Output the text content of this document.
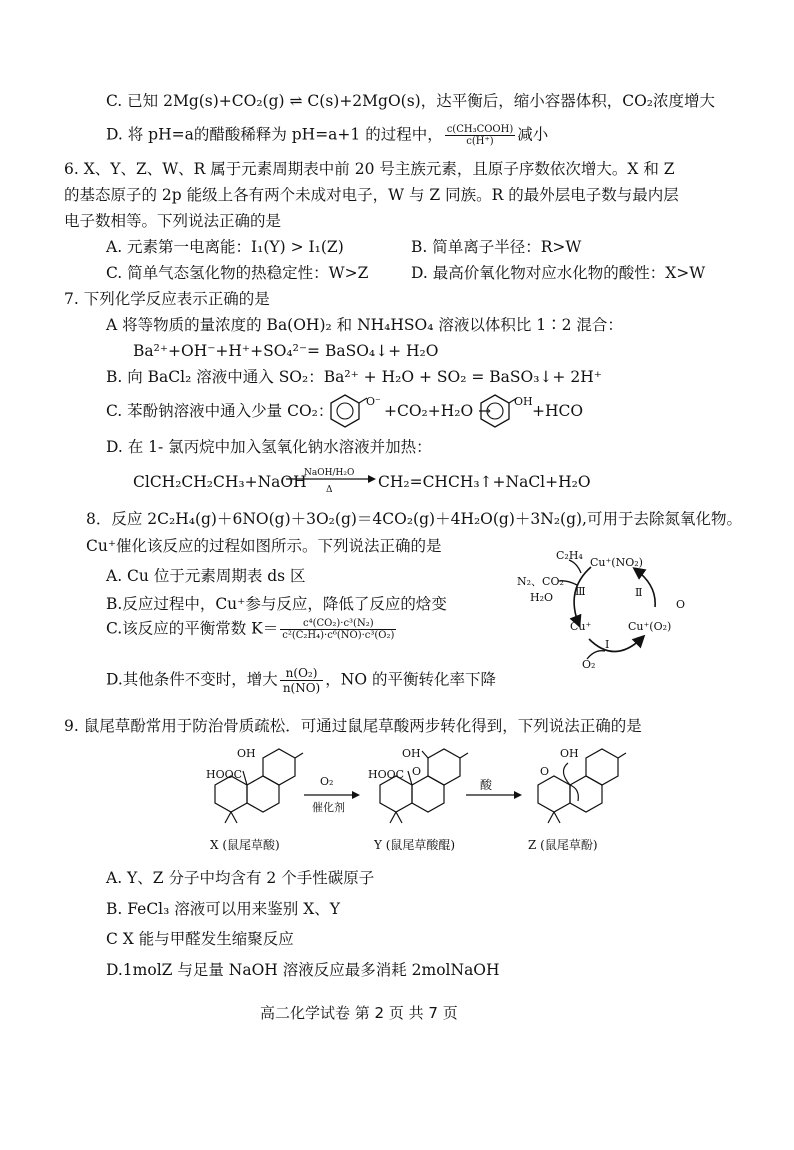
C. 已知 2Mg(s)+CO₂(g) ⇌ C(s)+2MgO(s)，达平衡后，缩小容器体积，CO₂浓度增大
D. 将 pH=a的醋酸稀释为 pH=a+1 的过程中， $\frac{\text{c(CH₃COOH)}}{c(H^+)}$ 减小
6. X、Y、Z、W、R 属于元素周期表中前 20 号主族元素，且原子序数依次增大。X 和 Z
的基态原子的 2p 能级上各有两个未成对电子，W 与 Z 同族。R 的最外层电子数与最内层
电子数相等。下列说法正确的是
A. 元素第一电离能：I₁(Y) > I₁(Z)	B. 简单离子半径：R>W
C. 简单气态氢化物的热稳定性：W>Z	D. 最高价氧化物对应水化物的酸性：X>W
7. 下列化学反应表示正确的是
A 将等物质的量浓度的 Ba(OH)₂ 和 NH₄HSO₄ 溶液以体积比 1∶2 混合：
Ba²⁺+OH⁻+H⁺+SO₄²⁻= BaSO₄↓+ H₂O
B. 向 BaCl₂ 溶液中通入 SO₂：Ba²⁺ + H₂O + SO₂ = BaSO₃↓+ 2H⁺
C. 苯酚钠溶液中通入少量 CO₂：
O⁻
+CO₂+H₂O →
OH
+HCO
D. 在 1- 氯丙烷中加入氢氧化钠水溶液并加热：
ClCH₂CH₂CH₃+NaOH
NaOH/H₂O
Δ	CH₂=CHCH₃↑+NaCl+H₂O
8．反应 2C₂H₄(g)＋6NO(g)＋3O₂(g)＝4CO₂(g)＋4H₂O(g)＋3N₂(g),可用于去除氮氧化物。
Cu⁺催化该反应的过程如图所示。下列说法正确的是
A. Cu 位于元素周期表 ds 区
B.反应过程中，Cu⁺参与反应，降低了反应的焓变
C.该反应的平衡常数 $K= \frac{\text{c⁴(CO₂)·c³(N₂)}}{\text{c²(C₂H₄)·c⁶(NO)·c³(O₂)}}$
D.其他条件不变时，增大 $\frac{\text{n(O₂)}}{n(NO)}$ ，NO 的平衡转化率下降
C₂H₄
Cu⁺(NO₂)
N₂、CO₂
H₂O Ⅲ	Ⅱ
O
Cu⁺	Cu⁺(O₂)
Ⅰ
O₂
9. 鼠尾草酚常用于防治骨质疏松．可通过鼠尾草酸两步转化得到，下列说法正确的是
OH
HOOC
X (鼠尾草酸)
O₂
催化剂
OH
HOOC O
Y (鼠尾草酸醌)
酸
OH
O
Z (鼠尾草酚)
A. Y、Z 分子中均含有 2 个手性碳原子
B. FeCl₃ 溶液可以用来鉴别 X、Y
C X 能与甲醛发生缩聚反应
D.1molZ 与足量 NaOH 溶液反应最多消耗 2molNaOH
高二化学试卷 第 2 页 共 7 页
